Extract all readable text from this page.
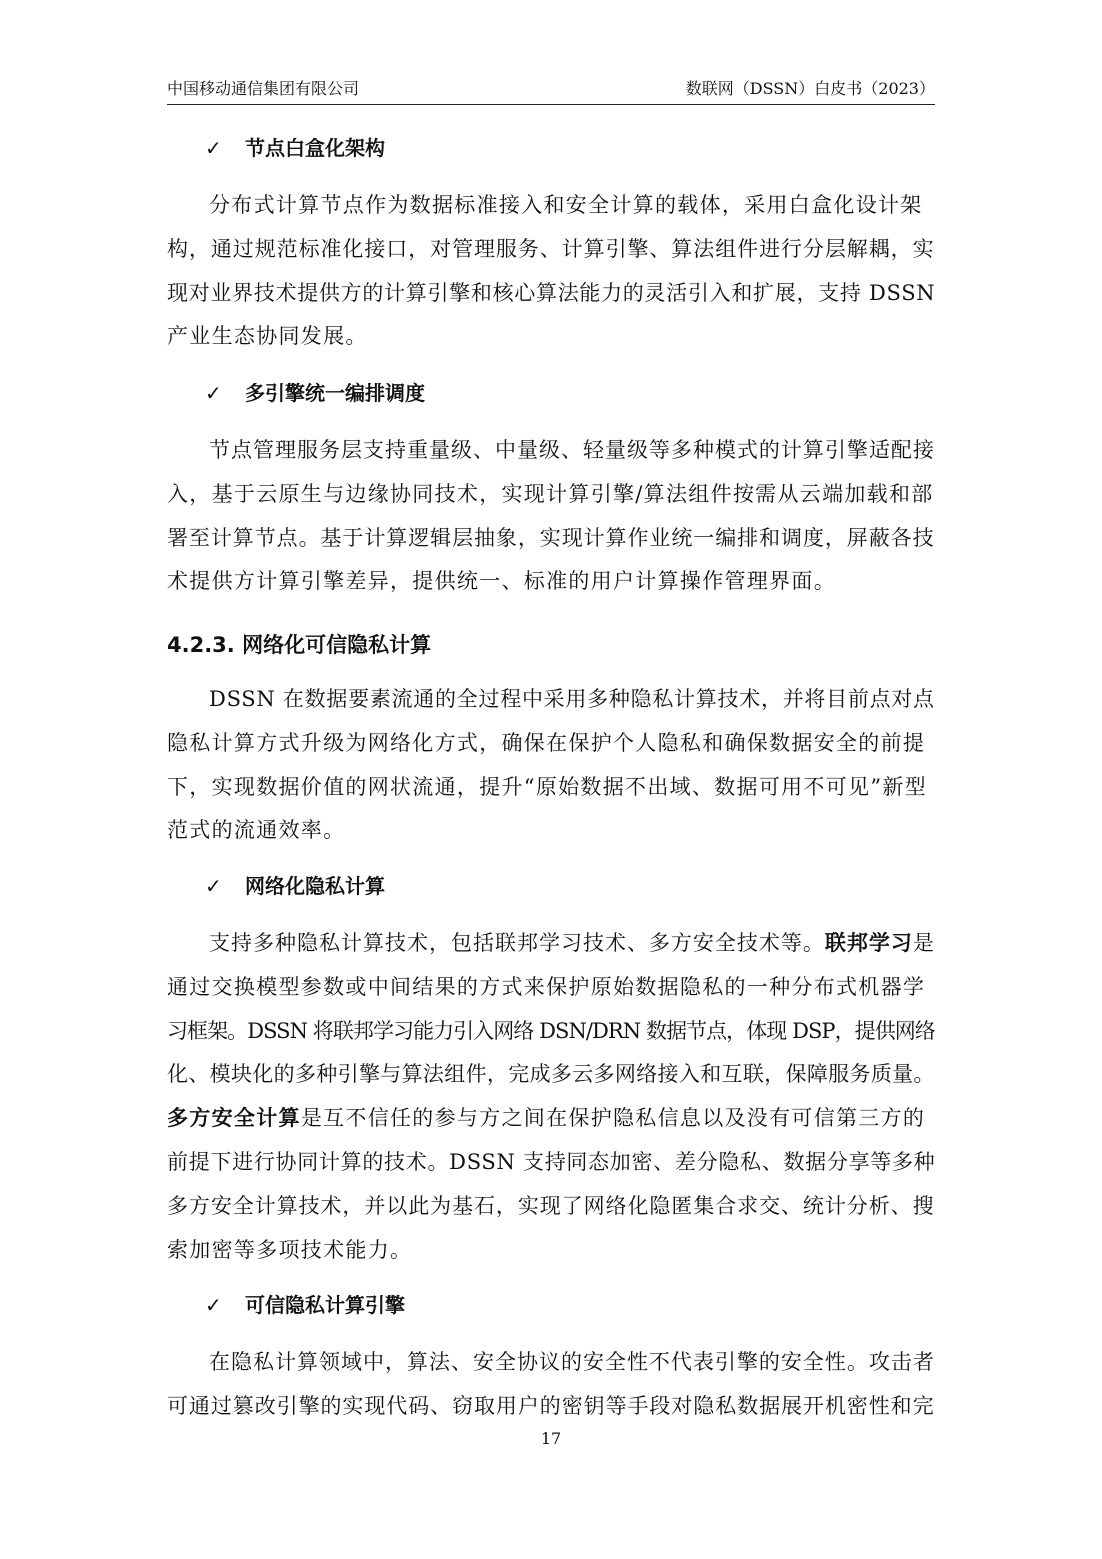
中国移动通信集团有限公司	数联网（DSSN）白皮书（2023）
✓ 节点白盒化架构

分布式计算节点作为数据标准接入和安全计算的载体，采用白盒化设计架

构，通过规范标准化接口，对管理服务、计算引擎、算法组件进行分层解耦，实

现对业界技术提供方的计算引擎和核心算法能力的灵活引入和扩展，支持 DSSN

产业生态协同发展。

✓ 多引擎统一编排调度

节点管理服务层支持重量级、中量级、轻量级等多种模式的计算引擎适配接

入，基于云原生与边缘协同技术，实现计算引擎/算法组件按需从云端加载和部

署至计算节点。基于计算逻辑层抽象，实现计算作业统一编排和调度，屏蔽各技

术提供方计算引擎差异，提供统一、标准的用户计算操作管理界面。

4.2.3. 网络化可信隐私计算

DSSN 在数据要素流通的全过程中采用多种隐私计算技术，并将目前点对点

隐私计算方式升级为网络化方式，确保在保护个人隐私和确保数据安全的前提

下，实现数据价值的网状流通，提升“原始数据不出域、数据可用不可见”新型

范式的流通效率。

✓ 网络化隐私计算

支持多种隐私计算技术，包括联邦学习技术、多方安全技术等。联邦学习是

通过交换模型参数或中间结果的方式来保护原始数据隐私的一种分布式机器学

习框架。DSSN 将联邦学习能力引入网络 DSN/DRN 数据节点，体现 DSP，提供网络

化、模块化的多种引擎与算法组件，完成多云多网络接入和互联，保障服务质量。

多方安全计算是互不信任的参与方之间在保护隐私信息以及没有可信第三方的

前提下进行协同计算的技术。DSSN 支持同态加密、差分隐私、数据分享等多种

多方安全计算技术，并以此为基石，实现了网络化隐匿集合求交、统计分析、搜

索加密等多项技术能力。

✓ 可信隐私计算引擎

在隐私计算领域中，算法、安全协议的安全性不代表引擎的安全性。攻击者

可通过篡改引擎的实现代码、窃取用户的密钥等手段对隐私数据展开机密性和完

17
